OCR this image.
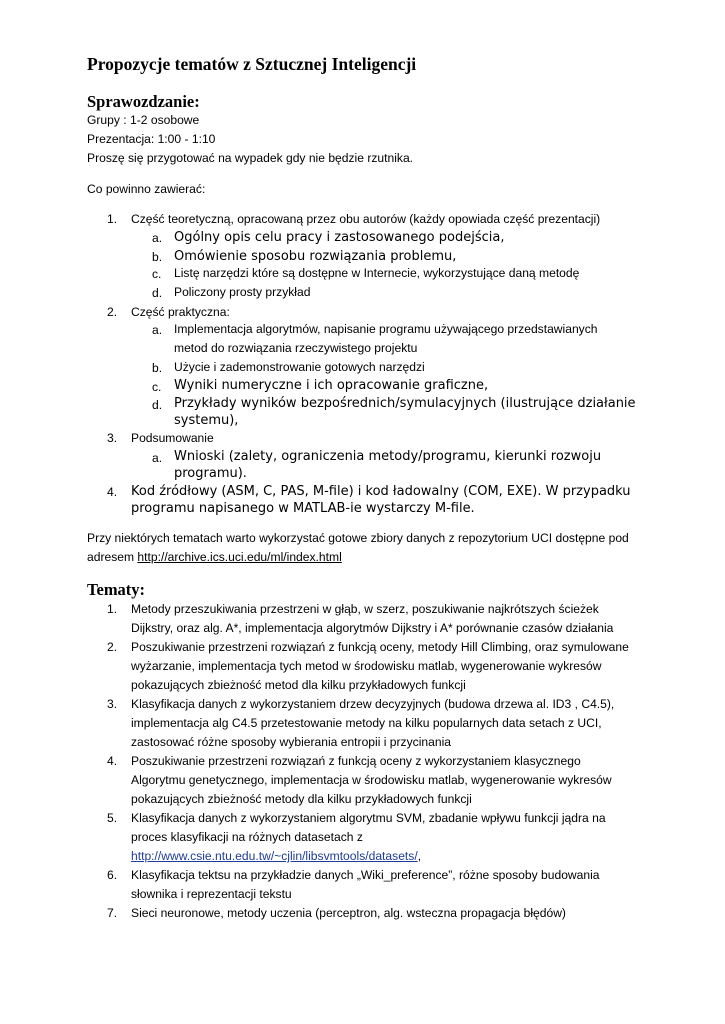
Propozycje tematów z Sztucznej Inteligencji
Sprawozdzanie:
Grupy : 1-2 osobowe
Prezentacja: 1:00 - 1:10
Proszę się przygotować na wypadek gdy nie będzie rzutnika.
Co powinno zawierać:
1. Część teoretyczną, opracowaną przez obu autorów (każdy opowiada część prezentacji)
a. Ogólny opis celu pracy i zastosowanego podejścia,
b. Omówienie sposobu rozwiązania problemu,
c. Listę narzędzi które są dostępne w Internecie, wykorzystujące daną metodę
d. Policzony prosty przykład
2. Część praktyczna:
a. Implementacja algorytmów, napisanie programu używającego przedstawianych
metod do rozwiązania rzeczywistego projektu
b. Użycie i zademonstrowanie gotowych narzędzi
c. Wyniki numeryczne i ich opracowanie graficzne,
d. Przykłady wyników bezpośrednich/symulacyjnych (ilustrujące działanie
systemu),
3. Podsumowanie
a. Wnioski (zalety, ograniczenia metody/programu, kierunki rozwoju
programu).
4. Kod źródłowy (ASM, C, PAS, M-file) i kod ładowalny (COM, EXE). W przypadku
programu napisanego w MATLAB-ie wystarczy M-file.
Przy niektórych tematach warto wykorzystać gotowe zbiory danych z repozytorium UCI dostępne pod
adresem http://archive.ics.uci.edu/ml/index.html
Tematy:
1. Metody przeszukiwania przestrzeni w głąb, w szerz, poszukiwanie najkrótszych ścieżek
Dijkstry, oraz alg. A*, implementacja algorytmów Dijkstry i A* porównanie czasów działania
2. Poszukiwanie przestrzeni rozwiązań z funkcją oceny, metody Hill Climbing, oraz symulowane
wyżarzanie, implementacja tych metod w środowisku matlab, wygenerowanie wykresów
pokazujących zbieżność metod dla kilku przykładowych funkcji
3. Klasyfikacja danych z wykorzystaniem drzew decyzyjnych (budowa drzewa al. ID3 , C4.5),
implementacja alg C4.5 przetestowanie metody na kilku popularnych data setach z UCI,
zastosować różne sposoby wybierania entropii i przycinania
4. Poszukiwanie przestrzeni rozwiązań z funkcją oceny z wykorzystaniem klasycznego
Algorytmu genetycznego, implementacja w środowisku matlab, wygenerowanie wykresów
pokazujących zbieżność metody dla kilku przykładowych funkcji
5. Klasyfikacja danych z wykorzystaniem algorytmu SVM, zbadanie wpływu funkcji jądra na
proces klasyfikacji na różnych datasetach z
http://www.csie.ntu.edu.tw/~cjlin/libsvmtools/datasets/,
6. Klasyfikacja tektsu na przykładzie danych „Wiki_preference”, różne sposoby budowania
słownika i reprezentacji tekstu
7. Sieci neuronowe, metody uczenia (perceptron, alg. wsteczna propagacja błędów)
